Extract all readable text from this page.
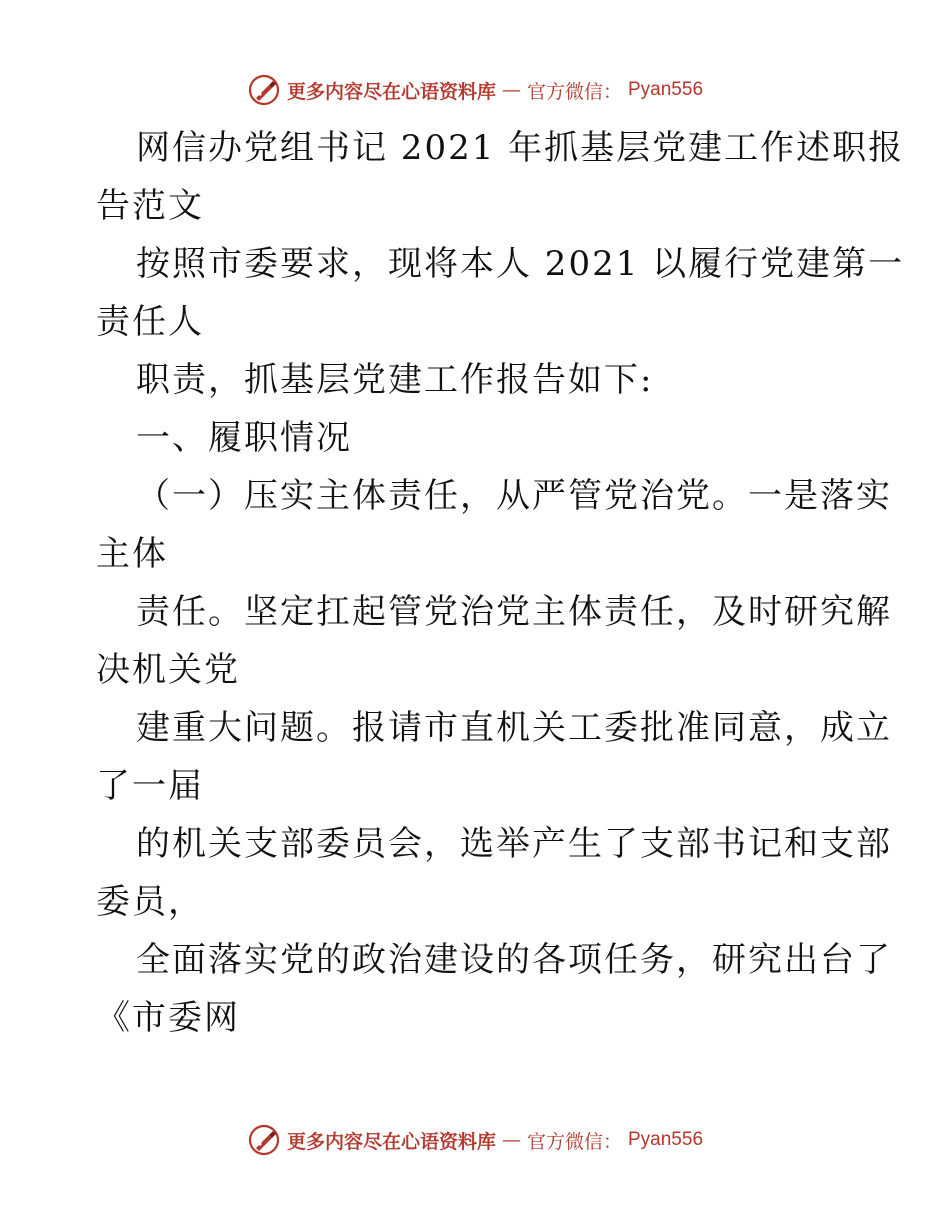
更多内容尽在心语资料库 — 官方微信： Pyan556
网信办党组书记 2021 年抓基层党建工作述职报
告范文
按照市委要求，现将本人 2021 以履行党建第一
责任人
职责，抓基层党建工作报告如下:
一、履职情况
（一）压实主体责任，从严管党治党。一是落实
主体
责任。坚定扛起管党治党主体责任，及时研究解
决机关党
建重大问题。报请市直机关工委批准同意，成立
了一届
的机关支部委员会，选举产生了支部书记和支部
委员，
全面落实党的政治建设的各项任务，研究出台了
《市委网
更多内容尽在心语资料库 — 官方微信： Pyan556
